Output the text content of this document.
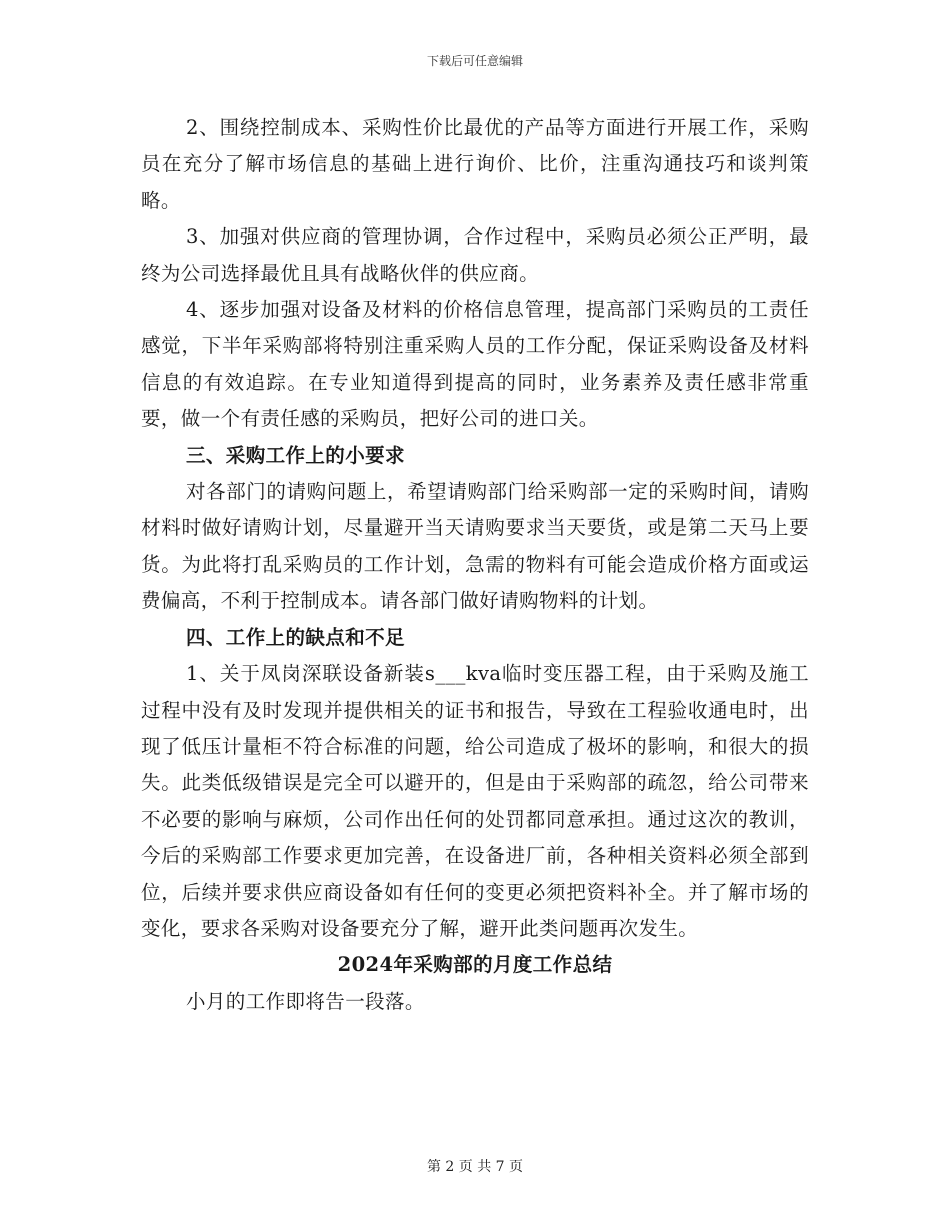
下载后可任意编辑

2、围绕控制成本、采购性价比最优的产品等方面进行开展工作，采购员在充分了解市场信息的基础上进行询价、比价，注重沟通技巧和谈判策略。

3、加强对供应商的管理协调，合作过程中，采购员必须公正严明，最终为公司选择最优且具有战略伙伴的供应商。

4、逐步加强对设备及材料的价格信息管理，提高部门采购员的工责任感觉，下半年采购部将特别注重采购人员的工作分配，保证采购设备及材料信息的有效追踪。在专业知道得到提高的同时，业务素养及责任感非常重要，做一个有责任感的采购员，把好公司的进口关。

三、采购工作上的小要求

对各部门的请购问题上，希望请购部门给采购部一定的采购时间，请购材料时做好请购计划，尽量避开当天请购要求当天要货，或是第二天马上要货。为此将打乱采购员的工作计划，急需的物料有可能会造成价格方面或运费偏高，不利于控制成本。请各部门做好请购物料的计划。

四、工作上的缺点和不足

1、关于凤岗深联设备新装s___kva临时变压器工程，由于采购及施工过程中没有及时发现并提供相关的证书和报告，导致在工程验收通电时，出现了低压计量柜不符合标准的问题，给公司造成了极坏的影响，和很大的损失。此类低级错误是完全可以避开的，但是由于采购部的疏忽，给公司带来不必要的影响与麻烦，公司作出任何的处罚都同意承担。通过这次的教训，今后的采购部工作要求更加完善，在设备进厂前，各种相关资料必须全部到位，后续并要求供应商设备如有任何的变更必须把资料补全。并了解市场的变化，要求各采购对设备要充分了解，避开此类问题再次发生。

2024年采购部的月度工作总结

小月的工作即将告一段落。

第 2 页 共 7 页
